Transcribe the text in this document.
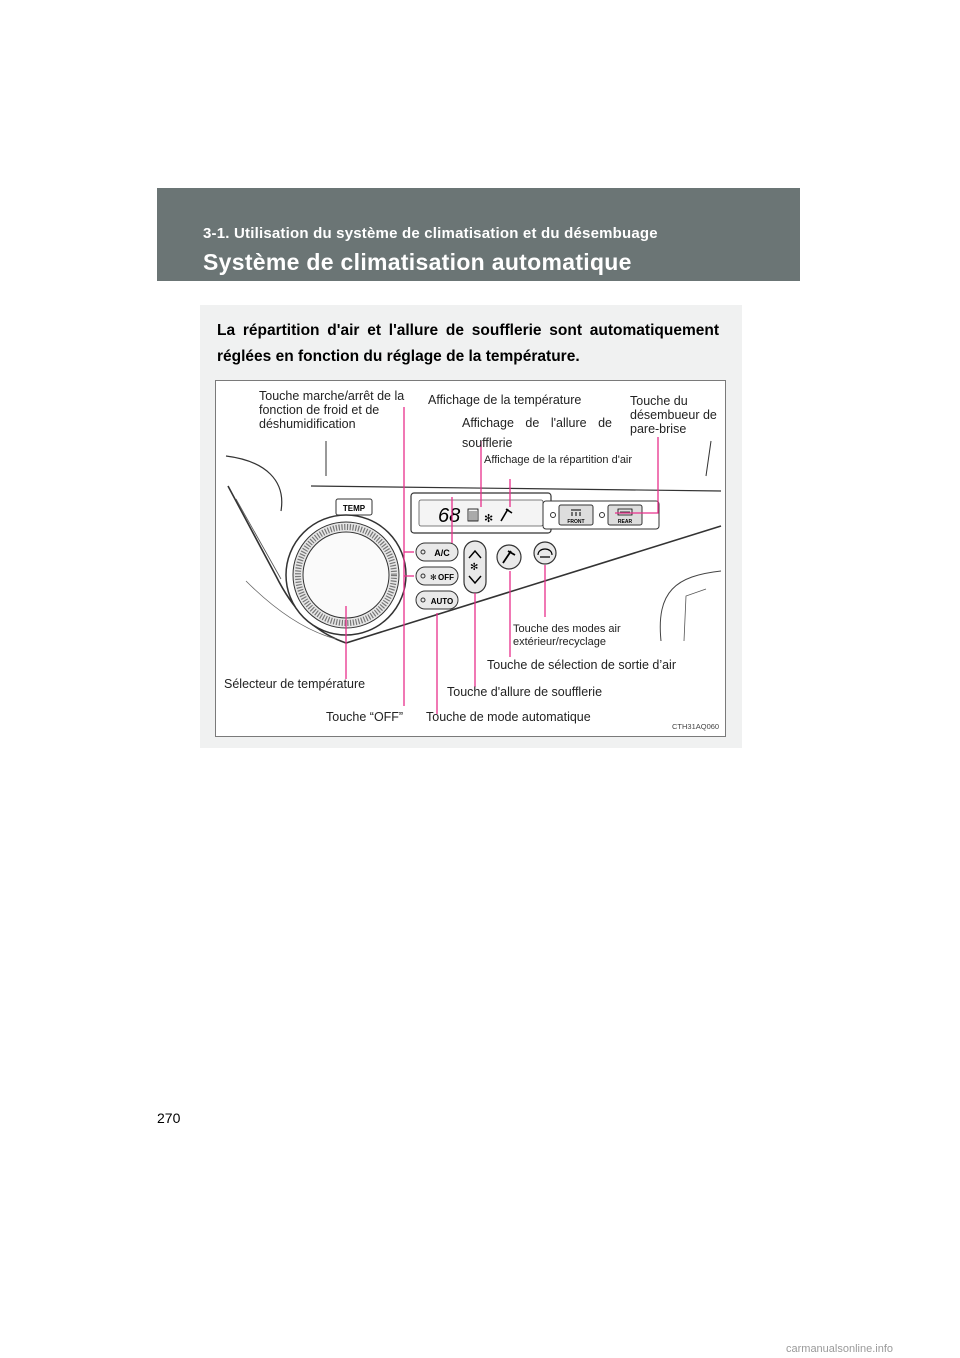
3-1. Utilisation du système de climatisation et du désembuage
Système de climatisation automatique
La répartition d'air et l'allure de soufflerie sont automatiquement réglées en fonction du réglage de la température.
TEMP	68 ✻	FRONT	REAR
A/C
✻ OFF
AUTO
✻
Touche marche/arrêt de la fonction de froid et de déshumidification
Affichage de la température
Affichage de l'allure de soufflerie
Affichage de la répartition d'air
Touche du désembueur de pare-brise
Touche des modes air extérieur/recyclage
Touche de sélection de sortie d’air
Sélecteur de température
Touche d'allure de soufflerie
Touche “OFF”	Touche de mode automatique
CTH31AQ060
270
carmanualsonline.info
